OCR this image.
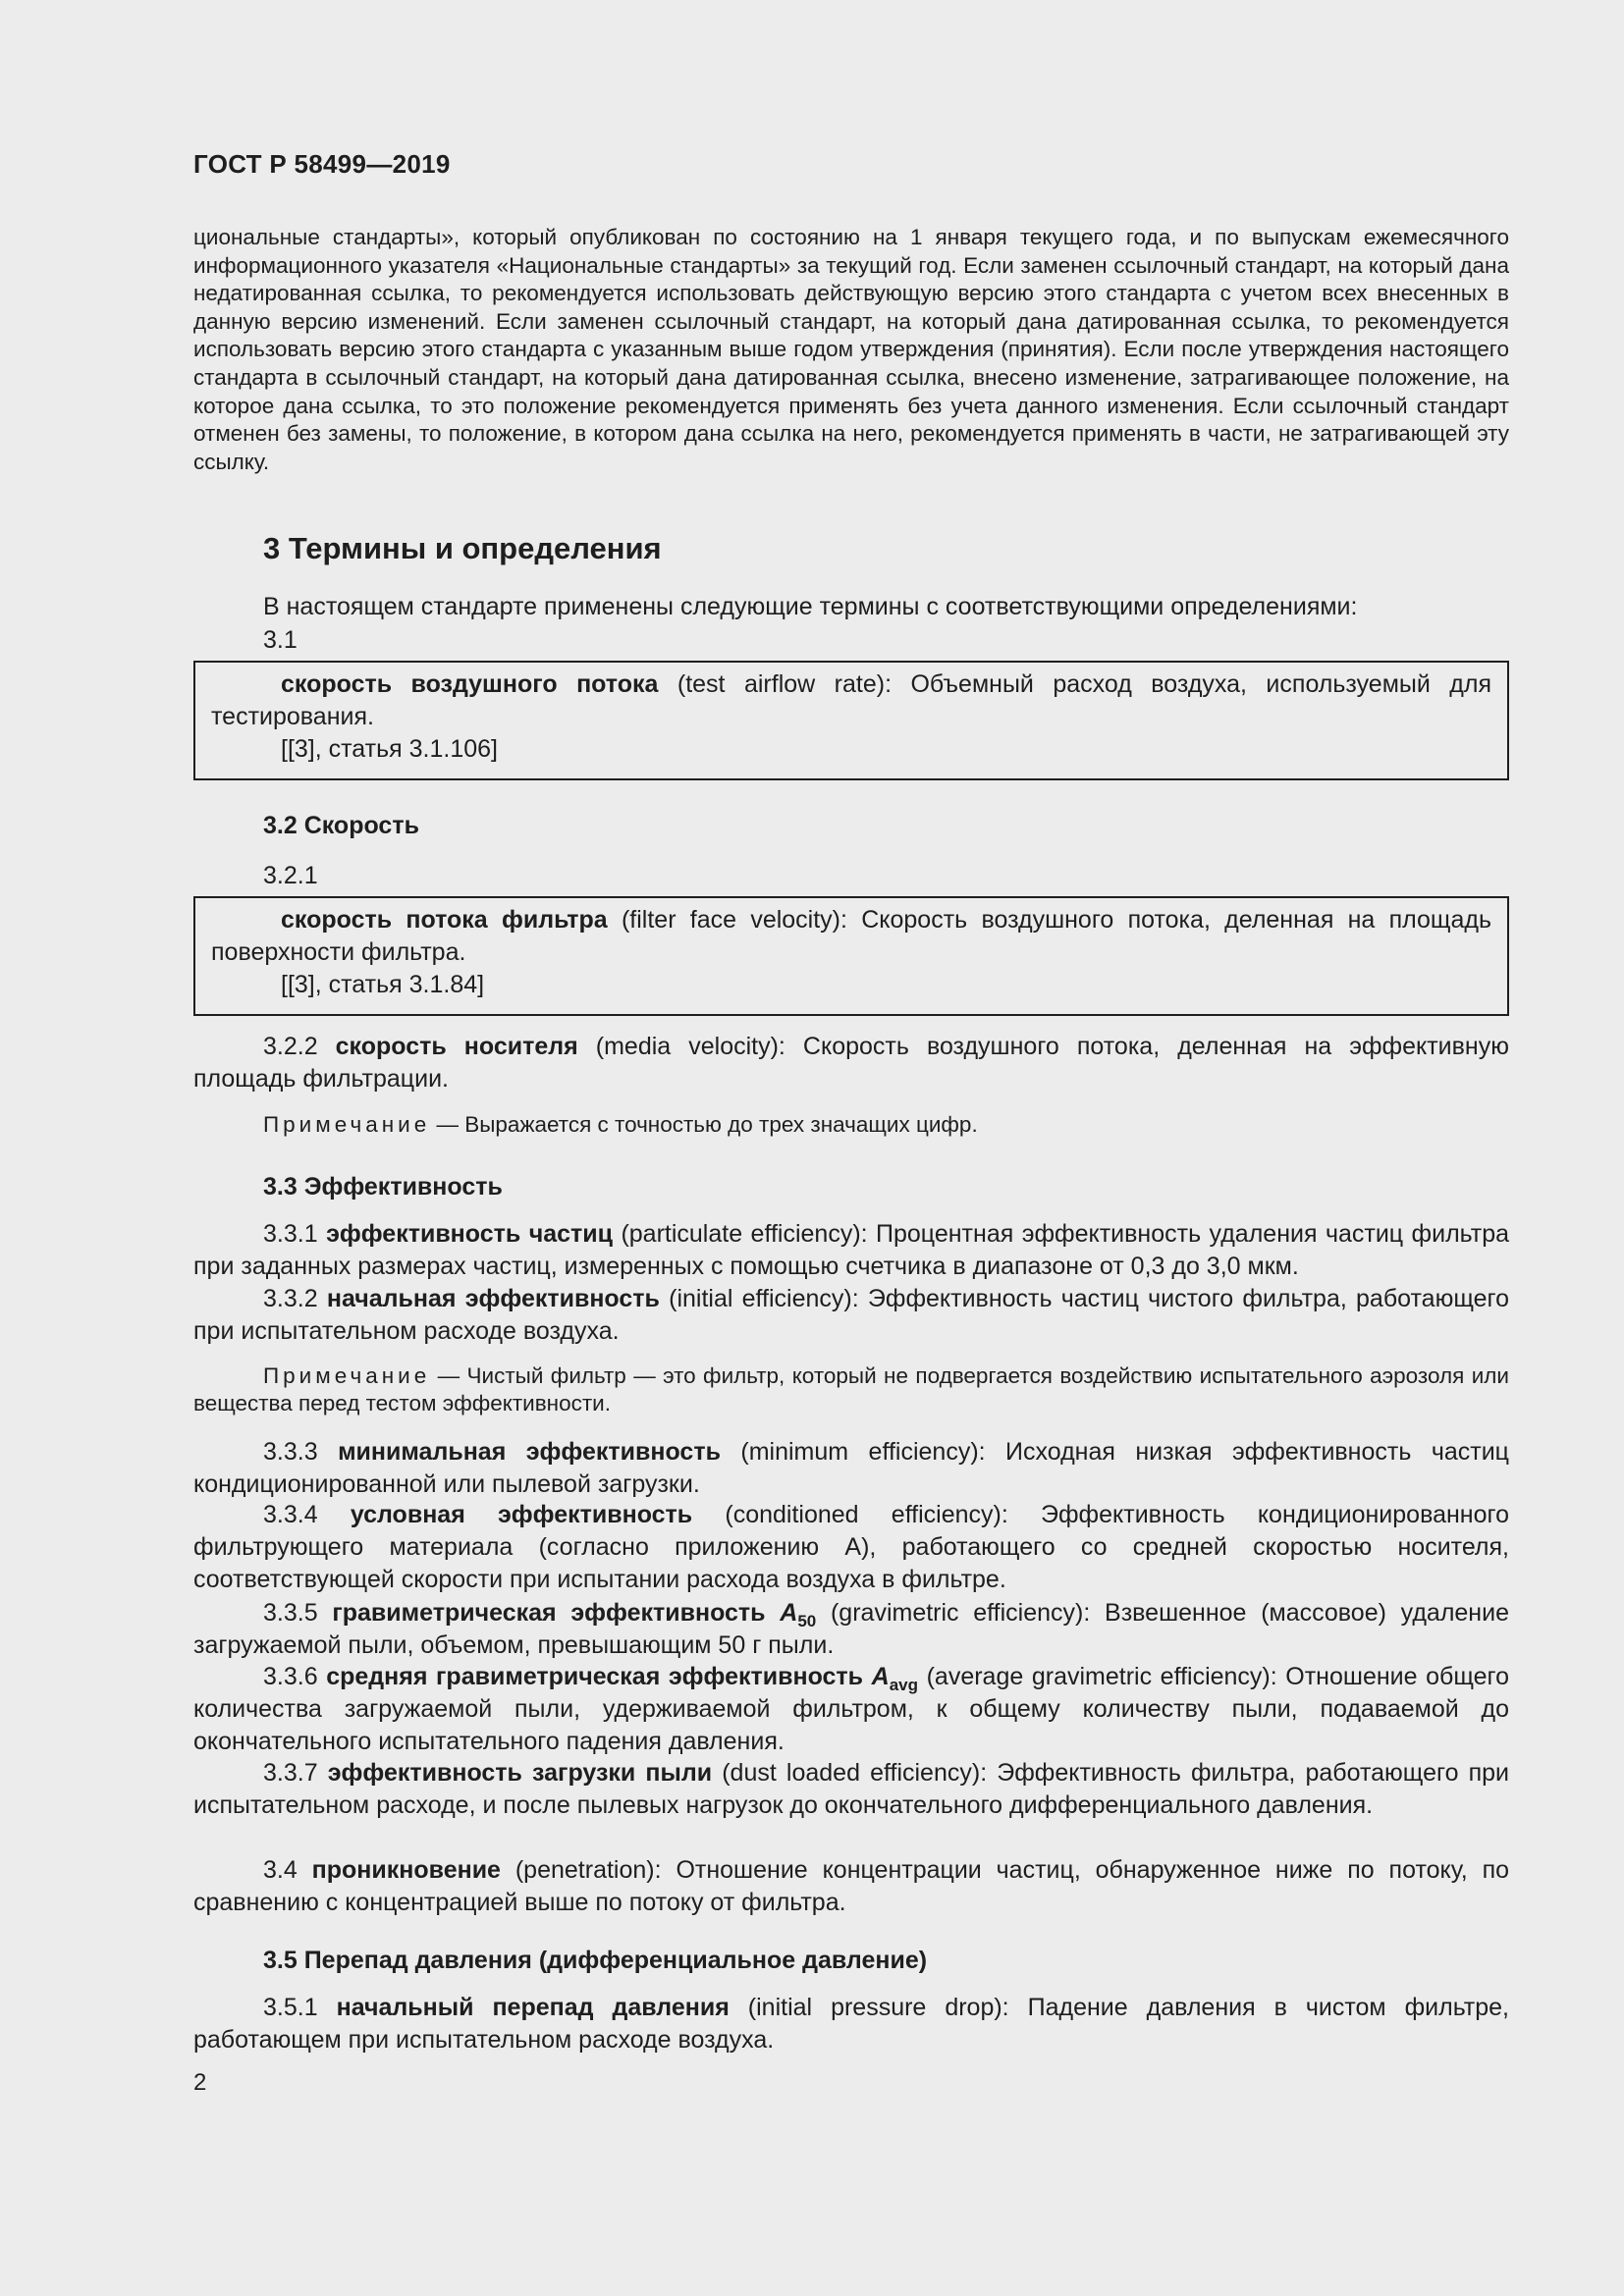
ГОСТ Р 58499—2019

циональные стандарты», который опубликован по состоянию на 1 января текущего года, и по выпускам ежемесячного информационного указателя «Национальные стандарты» за текущий год. Если заменен ссылочный стандарт, на который дана недатированная ссылка, то рекомендуется использовать действующую версию этого стандарта с учетом всех внесенных в данную версию изменений. Если заменен ссылочный стандарт, на который дана датированная ссылка, то рекомендуется использовать версию этого стандарта с указанным выше годом утверждения (принятия). Если после утверждения настоящего стандарта в ссылочный стандарт, на который дана датированная ссылка, внесено изменение, затрагивающее положение, на которое дана ссылка, то это положение рекомендуется применять без учета данного изменения. Если ссылочный стандарт отменен без замены, то положение, в котором дана ссылка на него, рекомендуется применять в части, не затрагивающей эту ссылку.

3 Термины и определения
В настоящем стандарте применены следующие термины с соответствующими определениями:
3.1

скорость воздушного потока (test airflow rate): Объемный расход воздуха, используемый для тестирования.

[[3], статья 3.1.106]

3.2 Скорость
3.2.1

скорость потока фильтра (filter face velocity): Скорость воздушного потока, деленная на площадь поверхности фильтра.

[[3], статья 3.1.84]

3.2.2 скорость носителя (media velocity): Скорость воздушного потока, деленная на эффективную площадь фильтрации.

Примечание — Выражается с точностью до трех значащих цифр.

3.3 Эффективность

3.3.1 эффективность частиц (particulate efficiency): Процентная эффективность удаления частиц фильтра при заданных размерах частиц, измеренных с помощью счетчика в диапазоне от 0,3 до 3,0 мкм.

3.3.2 начальная эффективность (initial efficiency): Эффективность частиц чистого фильтра, работающего при испытательном расходе воздуха.

Примечание — Чистый фильтр — это фильтр, который не подвергается воздействию испытательного аэрозоля или вещества перед тестом эффективности.

3.3.3 минимальная эффективность (minimum efficiency): Исходная низкая эффективность частиц кондиционированной или пылевой загрузки.

3.3.4 условная эффективность (conditioned efficiency): Эффективность кондиционированного фильтрующего материала (согласно приложению А), работающего со средней скоростью носителя, соответствующей скорости при испытании расхода воздуха в фильтре.

3.3.5 гравиметрическая эффективность $A_{50}$ (gravimetric efficiency): Взвешенное (массовое) удаление загружаемой пыли, объемом, превышающим 50 г пыли.

3.3.6 средняя гравиметрическая эффективность $A_{avg}$ (average gravimetric efficiency): Отношение общего количества загружаемой пыли, удерживаемой фильтром, к общему количеству пыли, подаваемой до окончательного испытательного падения давления.

3.3.7 эффективность загрузки пыли (dust loaded efficiency): Эффективность фильтра, работающего при испытательном расходе, и после пылевых нагрузок до окончательного дифференциального давления.

3.4 проникновение (penetration): Отношение концентрации частиц, обнаруженное ниже по потоку, по сравнению с концентрацией выше по потоку от фильтра.

3.5 Перепад давления (дифференциальное давление)

3.5.1 начальный перепад давления (initial pressure drop): Падение давления в чистом фильтре, работающем при испытательном расходе воздуха.

2
